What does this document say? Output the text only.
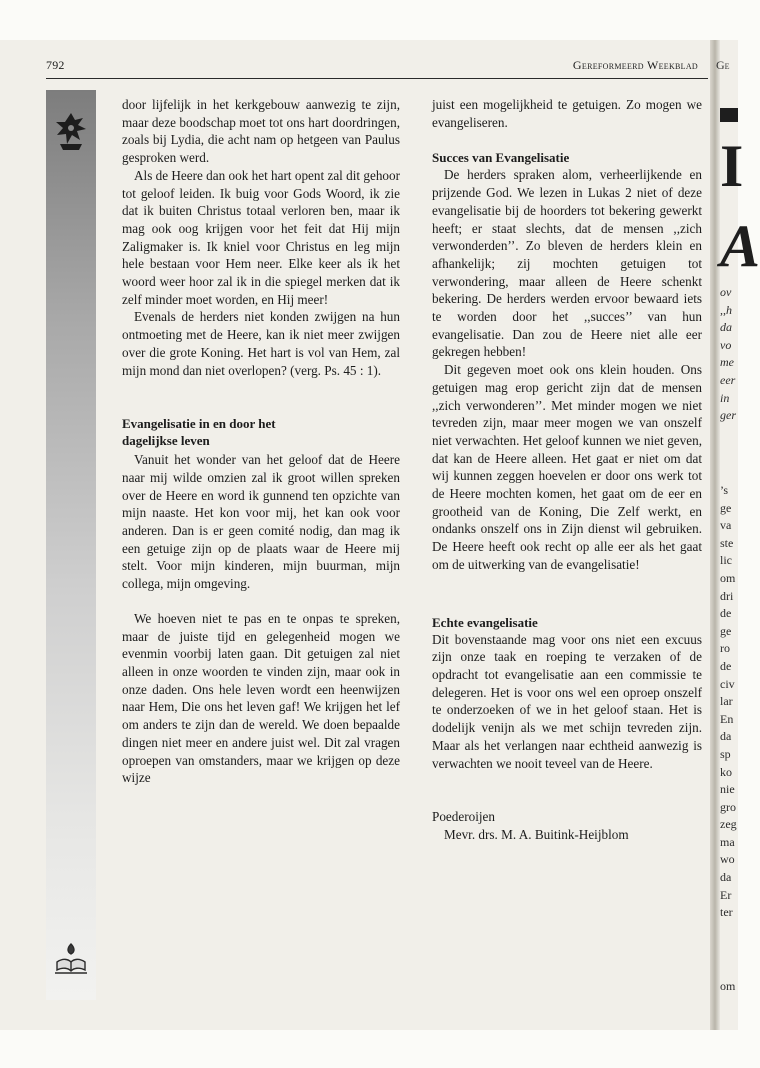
792	Gereformeerd Weekblad Ge

door lijfelijk in het kerkgebouw aanwezig te zijn, maar deze boodschap moet tot ons hart doordringen, zoals bij Lydia, die acht nam op hetgeen van Paulus gesproken werd.

Als de Heere dan ook het hart opent zal dit gehoor tot geloof leiden. Ik buig voor Gods Woord, ik zie dat ik buiten Christus totaal verloren ben, maar ik mag ook oog krijgen voor het feit dat Hij mijn Zaligmaker is. Ik kniel voor Christus en leg mijn hele bestaan voor Hem neer. Elke keer als ik het woord weer hoor zal ik in die spiegel merken dat ik zelf minder moet worden, en Hij meer!

Evenals de herders niet konden zwijgen na hun ontmoeting met de Heere, kan ik niet meer zwijgen over die grote Koning. Het hart is vol van Hem, zal mijn mond dan niet overlopen? (verg. Ps. 45 : 1).

Evangelisatie in en door het dagelijkse leven

Vanuit het wonder van het geloof dat de Heere naar mij wilde omzien zal ik groot willen spreken over de Heere en word ik gunnend ten opzichte van mijn naaste. Het kon voor mij, het kan ook voor anderen. Dan is er geen comité nodig, dan mag ik een getuige zijn op de plaats waar de Heere mij stelt. Voor mijn kinderen, mijn buurman, mijn collega, mijn omgeving.

We hoeven niet te pas en te onpas te spreken, maar de juiste tijd en gelegenheid mogen we evenmin voorbij laten gaan. Dit getuigen zal niet alleen in onze woorden te vinden zijn, maar ook in onze daden. Ons hele leven wordt een heenwijzen naar Hem, Die ons het leven gaf! We krijgen het lef om anders te zijn dan de wereld. We doen bepaalde dingen niet meer en andere juist wel. Dit zal vragen oproepen van omstanders, maar we krijgen op deze wijze

juist een mogelijkheid te getuigen. Zo mogen we evangeliseren.

Succes van Evangelisatie

De herders spraken alom, verheerlijkende en prijzende God. We lezen in Lukas 2 niet of deze evangelisatie bij de hoorders tot bekering gewerkt heeft; er staat slechts, dat de mensen ,,zich verwonderden’’. Zo bleven de herders klein en afhankelijk; zij mochten getuigen tot verwondering, maar alleen de Heere schenkt bekering. De herders werden ervoor bewaard iets te worden door het ,,succes’’ van hun evangelisatie. Dan zou de Heere niet alle eer gekregen hebben!

Dit gegeven moet ook ons klein houden. Ons getuigen mag erop gericht zijn dat de mensen ,,zich verwonderen’’. Met minder mogen we niet tevreden zijn, maar meer mogen we van onszelf niet verwachten. Het geloof kunnen we niet geven, dat kan de Heere alleen. Het gaat er niet om dat wij kunnen zeggen hoevelen er door ons werk tot de Heere mochten komen, het gaat om de eer en grootheid van de Koning, Die Zelf werkt, en ondanks onszelf ons in Zijn dienst wil gebruiken. De Heere heeft ook recht op alle eer als het gaat om de uitwerking van de evangelisatie!

Echte evangelisatie

Dit bovenstaande mag voor ons niet een excuus zijn onze taak en roeping te verzaken of de opdracht tot evangelisatie aan een commissie te delegeren. Het is voor ons wel een oproep onszelf te onderzoeken of we in het geloof staan. Het is dodelijk venijn als we met schijn tevreden zijn. Maar als het verlangen naar echtheid aanwezig is verwachten we nooit teveel van de Heere.

Poederoijen

Mevr. drs. M. A. Buitink-Heijblom

I
A
ov
,,h
da
vo
me
eer
in
ger
’s
ge
va
ste
lic
om
dri
de
ge
ro
de
civ
lar
En
da
sp
ko
nie
gro
zeg
ma
wo
da
Er
ter
om
